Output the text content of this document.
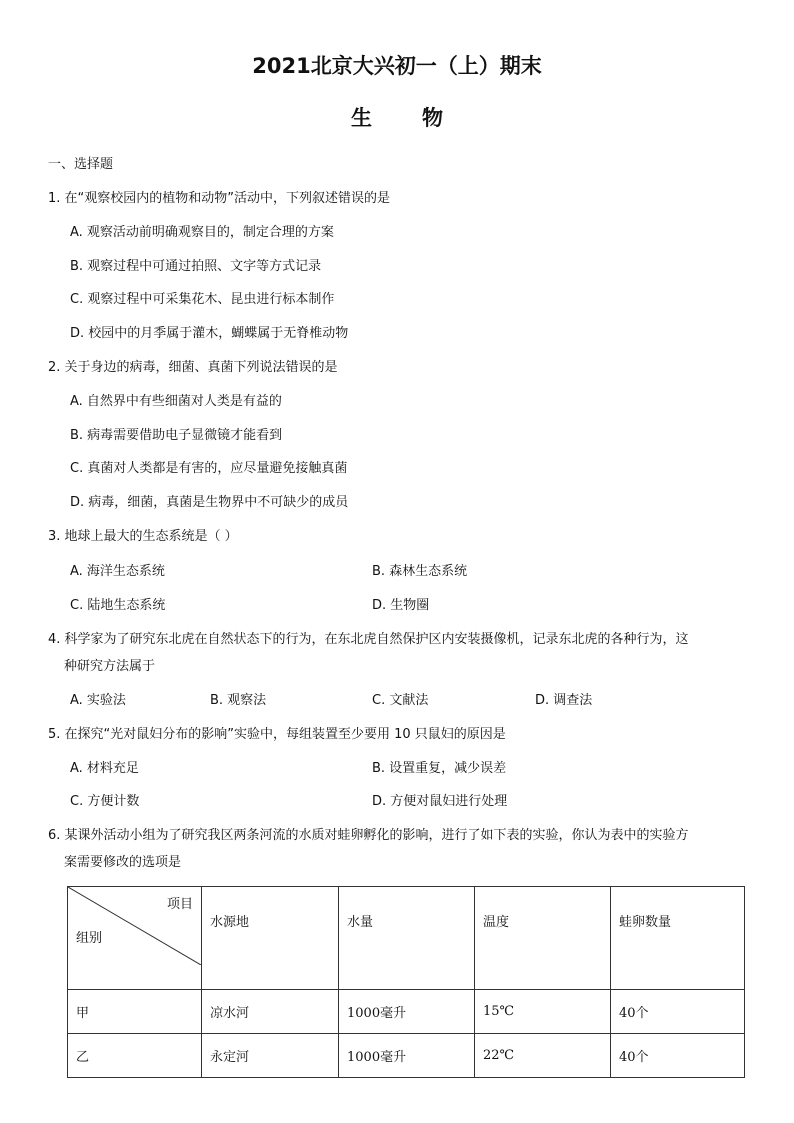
2021北京大兴初一（上）期末
生物
一、选择题
1. 在“观察校园内的植物和动物”活动中，下列叙述错误的是
A. 观察活动前明确观察目的，制定合理的方案
B. 观察过程中可通过拍照、文字等方式记录
C. 观察过程中可采集花木、昆虫进行标本制作
D. 校园中的月季属于灌木，蝴蝶属于无脊椎动物
2. 关于身边的病毒，细菌、真菌下列说法错误的是
A. 自然界中有些细菌对人类是有益的
B. 病毒需要借助电子显微镜才能看到
C. 真菌对人类都是有害的，应尽量避免接触真菌
D. 病毒，细菌，真菌是生物界中不可缺少的成员
3. 地球上最大的生态系统是（ ）
A. 海洋生态系统	B. 森林生态系统
C. 陆地生态系统	D. 生物圈
4. 科学家为了研究东北虎在自然状态下的行为，在东北虎自然保护区内安装摄像机，记录东北虎的各种行为，这
种研究方法属于
A. 实验法	B. 观察法	C. 文献法	D. 调查法
5. 在探究“光对鼠妇分布的影响”实验中，每组装置至少要用 10 只鼠妇的原因是
A. 材料充足	B. 设置重复，减少误差
C. 方便计数	D. 方便对鼠妇进行处理
6. 某课外活动小组为了研究我区两条河流的水质对蛙卵孵化的影响，进行了如下表的实验，你认为表中的实验方
案需要修改的选项是
项目
组别	水源地	水量	温度	蛙卵数量
甲	凉水河	1000毫升	15℃	40个
乙	永定河	1000毫升	22℃	40个
